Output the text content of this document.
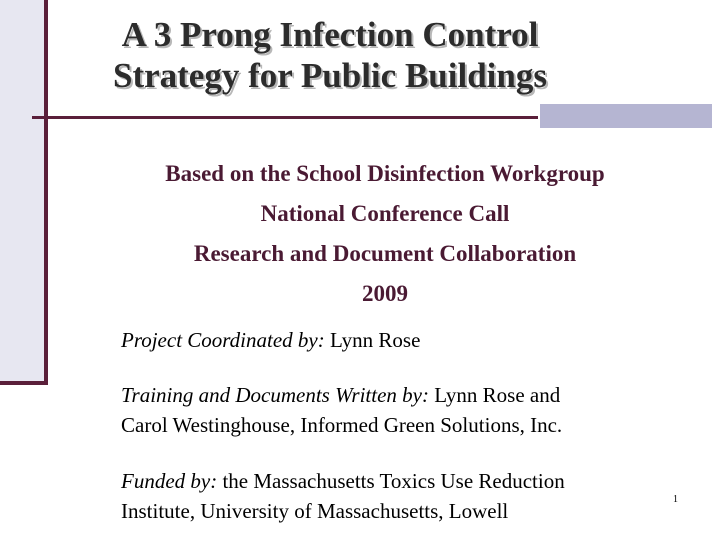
A 3 Prong Infection Control
Strategy for Public Buildings
Based on the School Disinfection Workgroup
National Conference Call
Research and Document Collaboration
2009
Project Coordinated by: Lynn Rose
Training and Documents Written by: Lynn Rose and
Carol Westinghouse, Informed Green Solutions, Inc.
Funded by: the Massachusetts Toxics Use Reduction
Institute, University of Massachusetts, Lowell	1
